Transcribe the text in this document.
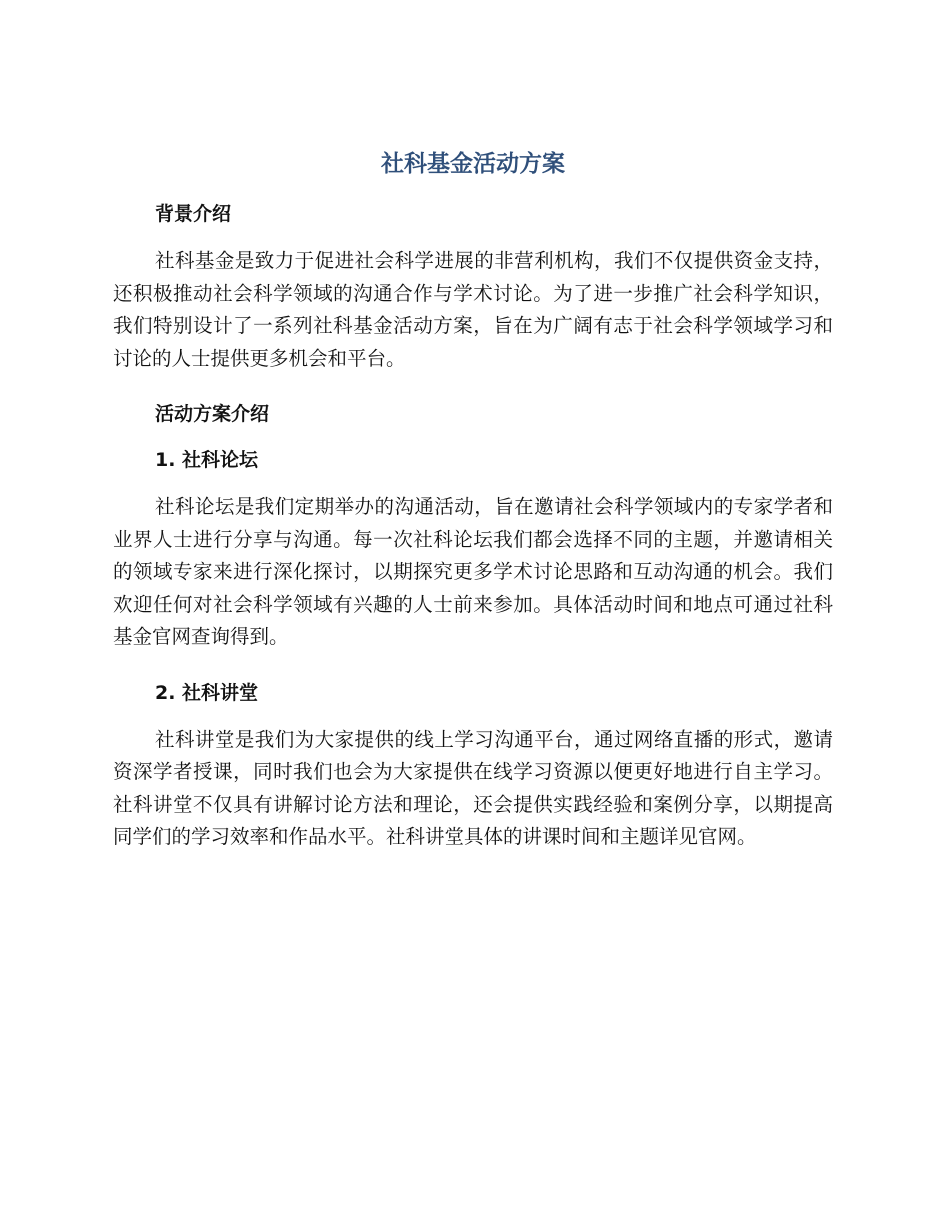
社科基金活动方案
背景介绍

社科基金是致力于促进社会科学进展的非营利机构，我们不仅提供资金支持，还积极推动社会科学领域的沟通合作与学术讨论。为了进一步推广社会科学知识，我们特别设计了一系列社科基金活动方案，旨在为广阔有志于社会科学领域学习和讨论的人士提供更多机会和平台。

活动方案介绍
1. 社科论坛

社科论坛是我们定期举办的沟通活动，旨在邀请社会科学领域内的专家学者和业界人士进行分享与沟通。每一次社科论坛我们都会选择不同的主题，并邀请相关的领域专家来进行深化探讨，以期探究更多学术讨论思路和互动沟通的机会。我们欢迎任何对社会科学领域有兴趣的人士前来参加。具体活动时间和地点可通过社科基金官网查询得到。

2. 社科讲堂

社科讲堂是我们为大家提供的线上学习沟通平台，通过网络直播的形式，邀请资深学者授课，同时我们也会为大家提供在线学习资源以便更好地进行自主学习。社科讲堂不仅具有讲解讨论方法和理论，还会提供实践经验和案例分享，以期提高同学们的学习效率和作品水平。社科讲堂具体的讲课时间和主题详见官网。
